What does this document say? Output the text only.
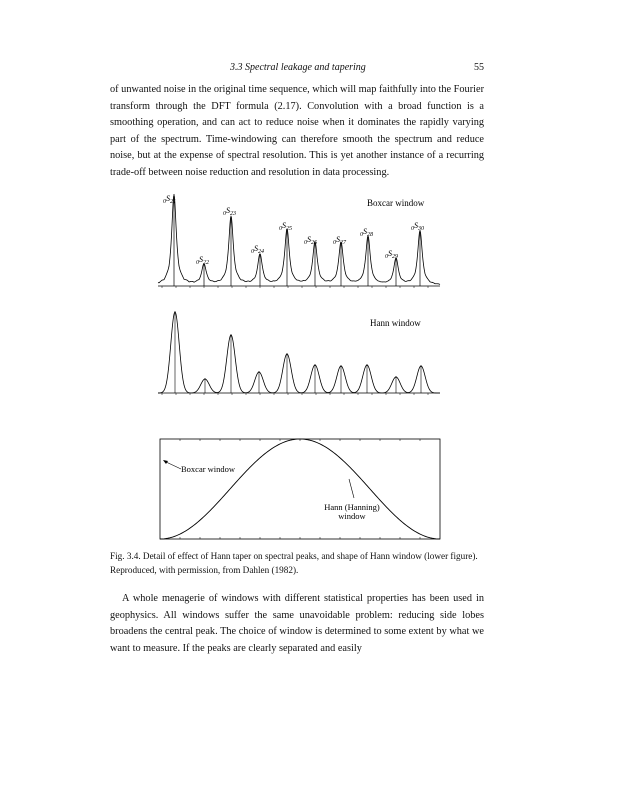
3.3 Spectral leakage and tapering	55

of unwanted noise in the original time sequence, which will map faithfully into the Fourier transform through the DFT formula (2.17). Convolution with a broad function is a smoothing operation, and can act to reduce noise when it dominates the rapidly varying part of the spectrum. Time-windowing can therefore smooth the spectrum and reduce noise, but at the expense of spectral resolution. This is yet another instance of a recurring trade-off between noise reduction and resolution in data processing.

Boxcar window
$_0S_{21}$
$_0S_{22}$
$_0S_{23}$
$_0S_{24}$
$_0S_{25}$
$_0S_{26}$	$_0S_{27}$
$_0S_{28}$
$_0S_{29}$
$_0S_{30}$
Hann window
Boxcar window
Hann (Hanning)
window

Fig. 3.4. Detail of effect of Hann taper on spectral peaks, and shape of Hann window (lower figure). Reproduced, with permission, from Dahlen (1982).

A whole menagerie of windows with different statistical properties has been used in geophysics. All windows suffer the same unavoidable problem: reducing side lobes broadens the central peak. The choice of window is determined to some extent by what we want to measure. If the peaks are clearly separated and easily
